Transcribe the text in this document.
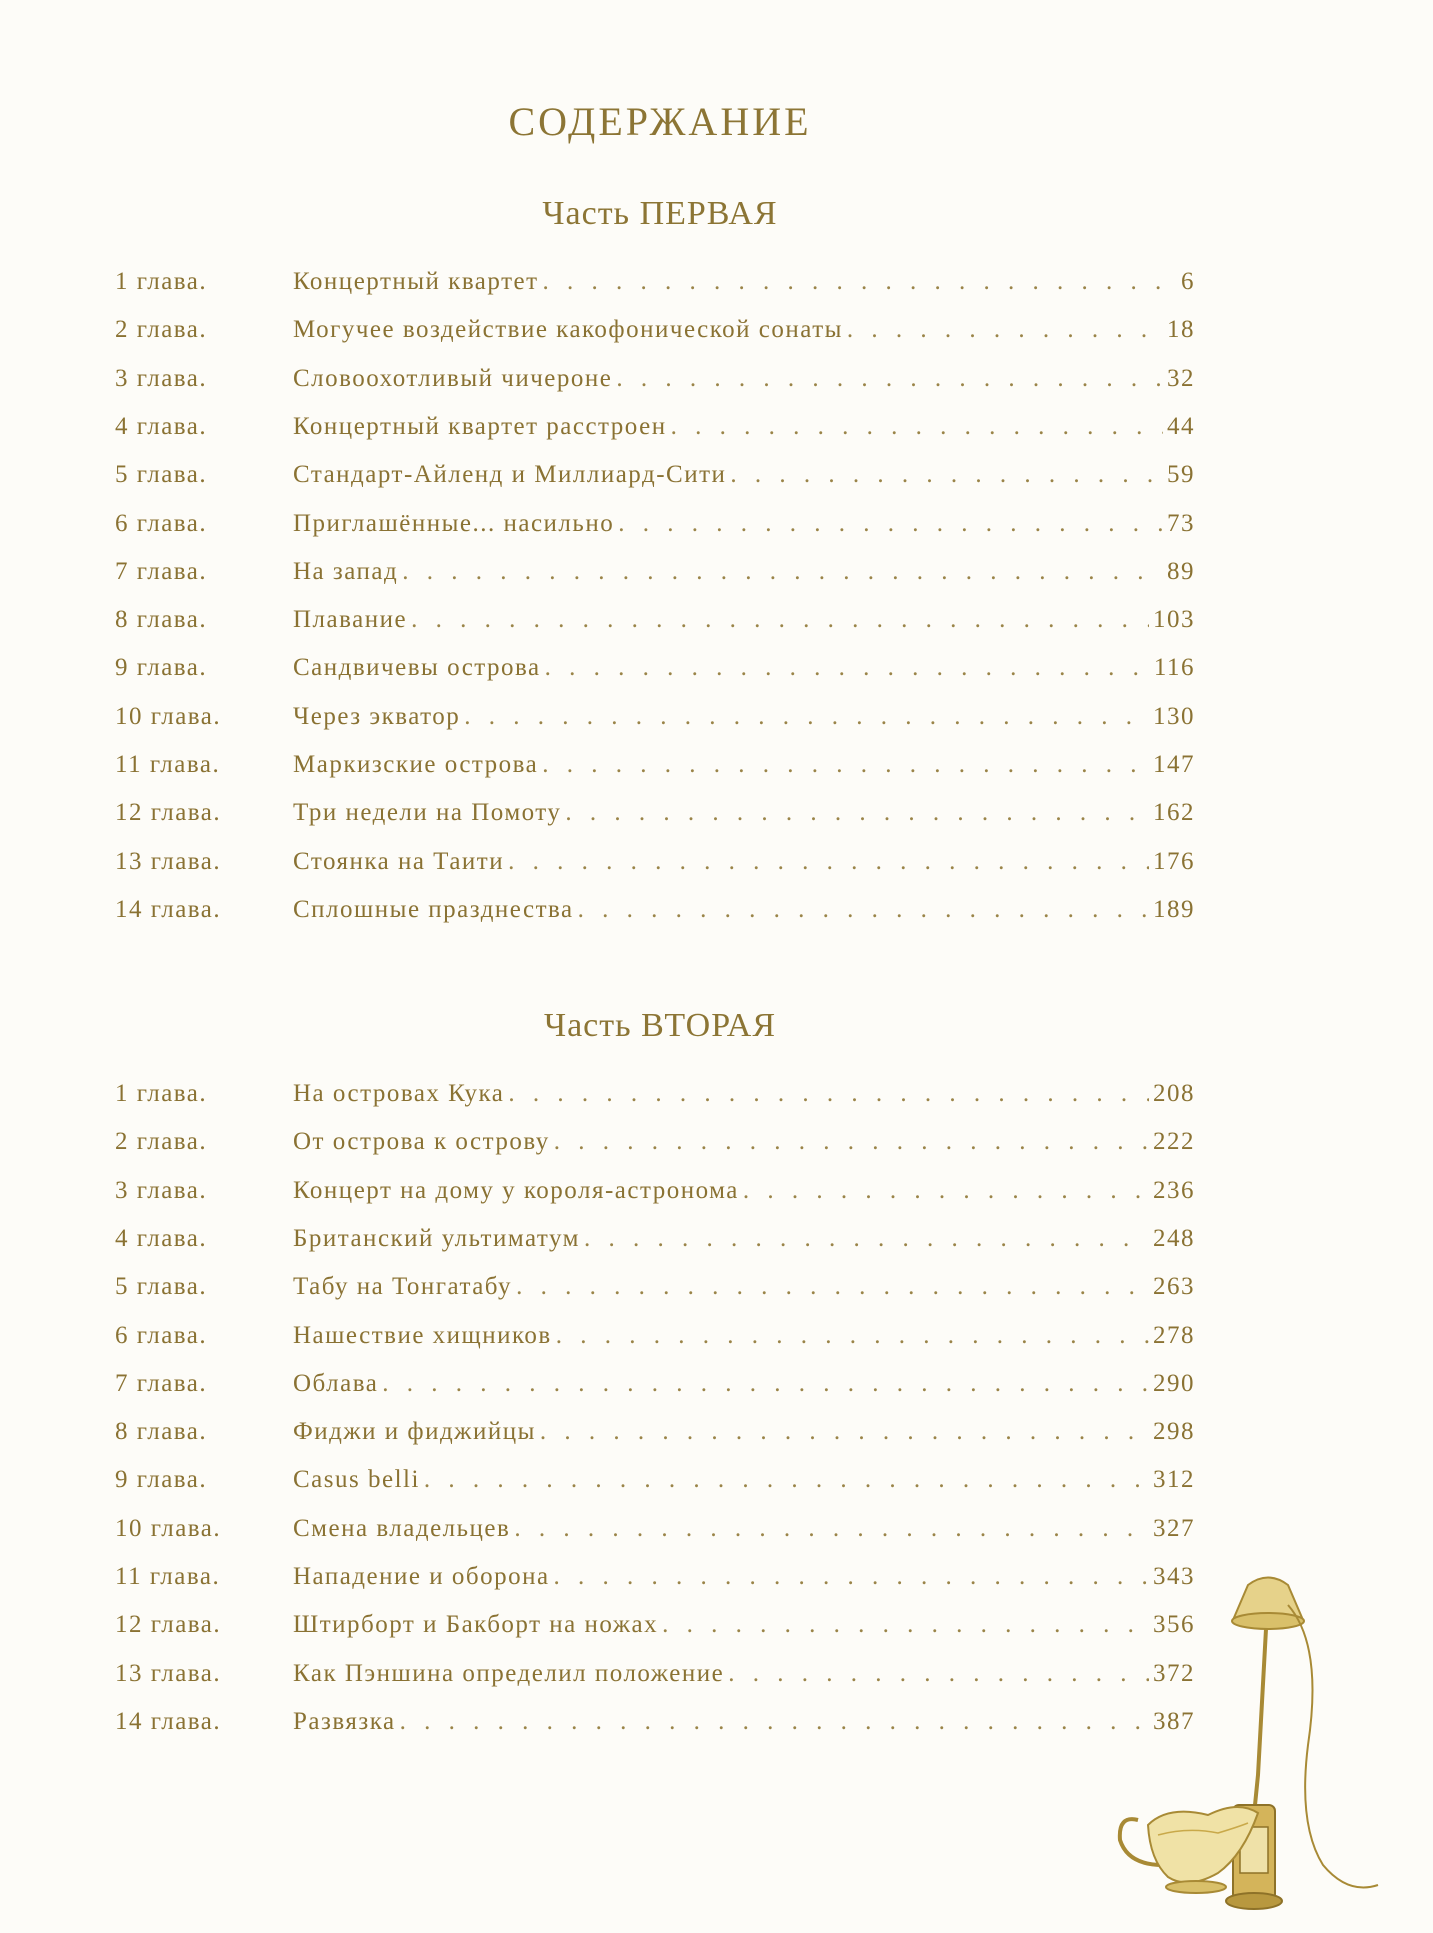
СОДЕРЖАНИЕ
Часть ПЕРВАЯ
1 глава.	Концертный квартет . . .	6
2 глава.	Могучее воздействие какофонической сонаты . . .	18
3 глава.	Словоохотливый чичероне . . .	32
4 глава.	Концертный квартет расстроен . . .	44
5 глава.	Стандарт-Айленд и Миллиард-Сити . . .	59
6 глава.	Приглашённые... насильно . . .	73
7 глава.	На запад . . .	89
8 глава.	Плавание . . .	103
9 глава.	Сандвичевы острова . . .	116
10 глава.	Через экватор . . .	130
11 глава.	Маркизские острова . . .	147
12 глава.	Три недели на Помоту . . .	162
13 глава.	Стоянка на Таити . . .	176
14 глава.	Сплошные празднества . . .	189
Часть ВТОРАЯ
1 глава.	На островах Кука . . .	208
2 глава.	От острова к острову . . .	222
3 глава.	Концерт на дому у короля-астронома . . .	236
4 глава.	Британский ультиматум . . .	248
5 глава.	Табу на Тонгатабу . . .	263
6 глава.	Нашествие хищников . . .	278
7 глава.	Облава . . .	290
8 глава.	Фиджи и фиджийцы . . .	298
9 глава.	Casus belli . . .	312
10 глава.	Смена владельцев . . .	327
11 глава.	Нападение и оборона . . .	343
12 глава.	Штирборт и Бакборт на ножах . . .	356
13 глава.	Как Пэншина определил положение . . .	372
14 глава.	Развязка . . .	387
